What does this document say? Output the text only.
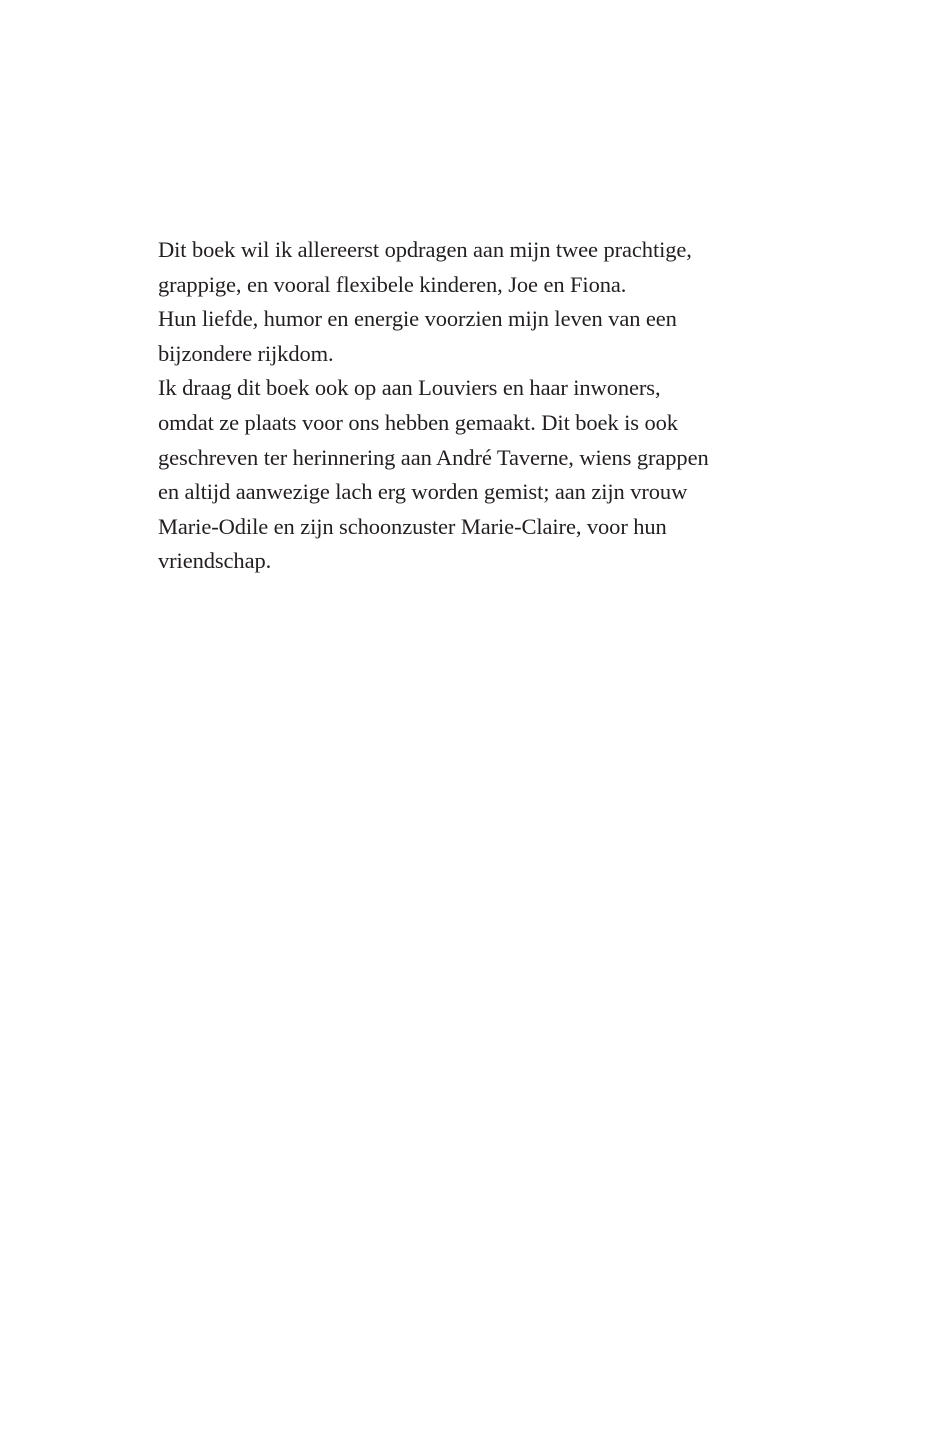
Dit boek wil ik allereerst opdragen aan mijn twee prachtige,

grappige, en vooral flexibele kinderen, Joe en Fiona.

Hun liefde, humor en energie voorzien mijn leven van een

bijzondere rijkdom.

Ik draag dit boek ook op aan Louviers en haar inwoners,

omdat ze plaats voor ons hebben gemaakt. Dit boek is ook

geschreven ter herinnering aan André Taverne, wiens grappen

en altijd aanwezige lach erg worden gemist; aan zijn vrouw

Marie-Odile en zijn schoonzuster Marie-Claire, voor hun

vriendschap.
